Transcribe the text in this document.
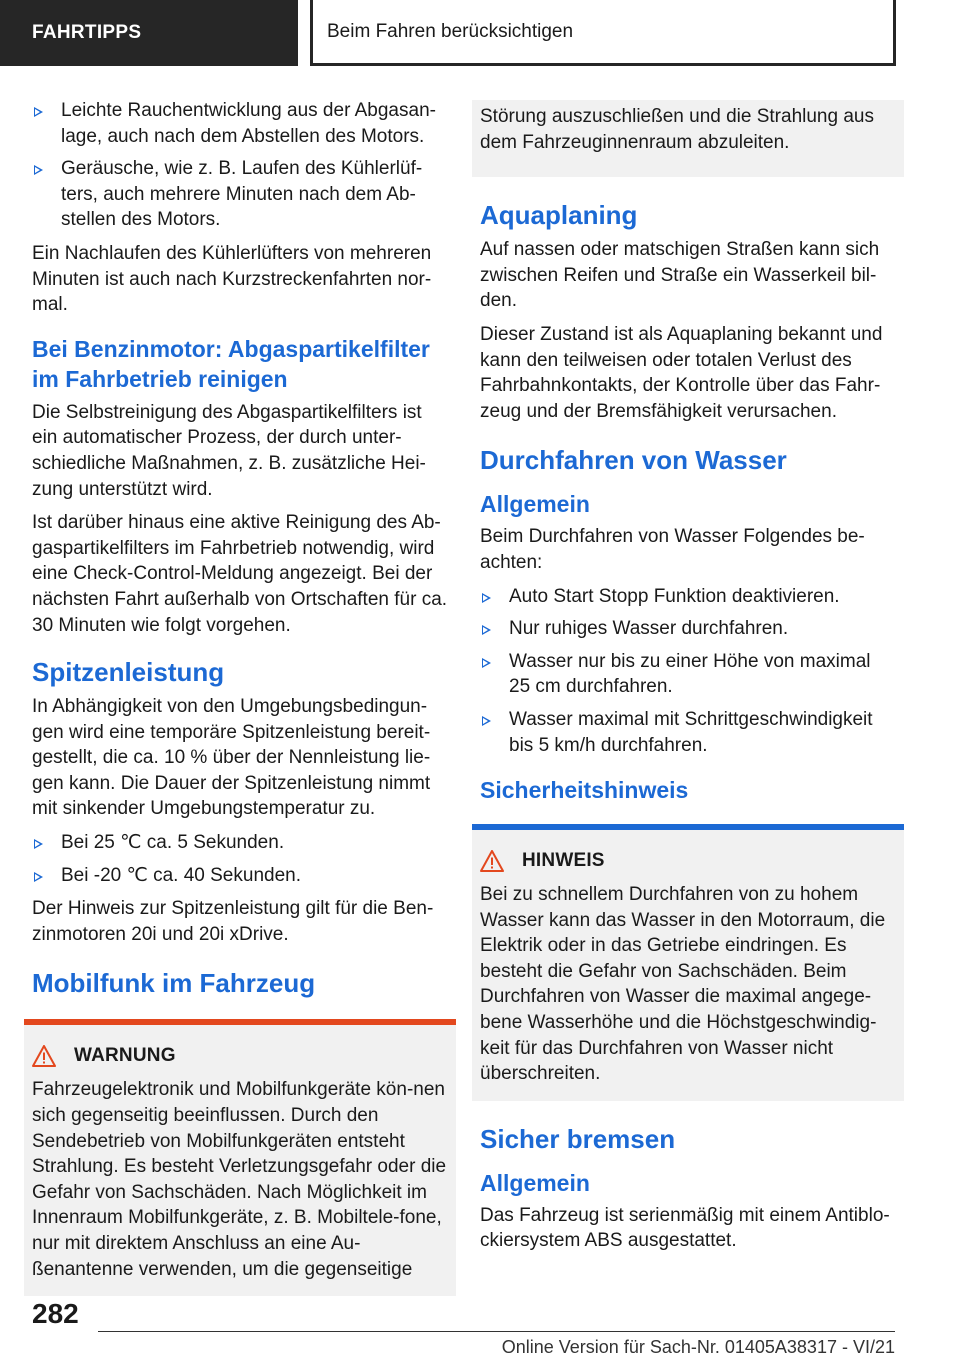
FAHRTIPPS	Beim Fahren berücksichtigen
Leichte Rauchentwicklung aus der Abgasan-lage, auch nach dem Abstellen des Motors.
Geräusche, wie z. B. Laufen des Kühlerlüf-ters, auch mehrere Minuten nach dem Ab-stellen des Motors.

Ein Nachlaufen des Kühlerlüfters von mehreren Minuten ist auch nach Kurzstreckenfahrten nor-mal.

Bei Benzinmotor: Abgaspartikelfilter im Fahrbetrieb reinigen

Die Selbstreinigung des Abgaspartikelfilters ist ein automatischer Prozess, der durch unter-schiedliche Maßnahmen, z. B. zusätzliche Hei-zung unterstützt wird.

Ist darüber hinaus eine aktive Reinigung des Ab-gaspartikelfilters im Fahrbetrieb notwendig, wird eine Check-Control-Meldung angezeigt. Bei der nächsten Fahrt außerhalb von Ortschaften für ca. 30 Minuten wie folgt vorgehen.

Spitzenleistung

In Abhängigkeit von den Umgebungsbedingun-gen wird eine temporäre Spitzenleistung bereit-gestellt, die ca. 10 % über der Nennleistung lie-gen kann. Die Dauer der Spitzenleistung nimmt mit sinkender Umgebungstemperatur zu.

Bei 25 ℃ ca. 5 Sekunden.
Bei -20 ℃ ca. 40 Sekunden.

Der Hinweis zur Spitzenleistung gilt für die Ben-zinmotoren 20i und 20i xDrive.

Mobilfunk im Fahrzeug
WARNUNG

Fahrzeugelektronik und Mobilfunkgeräte kön-nen sich gegenseitig beeinflussen. Durch den Sendebetrieb von Mobilfunkgeräten entsteht Strahlung. Es besteht Verletzungsgefahr oder die Gefahr von Sachschäden. Nach Möglichkeit im Innenraum Mobilfunkgeräte, z. B. Mobiltele-fone, nur mit direktem Anschluss an eine Au-ßenantenne verwenden, um die gegenseitige

Störung auszuschließen und die Strahlung aus dem Fahrzeuginnenraum abzuleiten.

Aquaplaning

Auf nassen oder matschigen Straßen kann sich zwischen Reifen und Straße ein Wasserkeil bil-den.

Dieser Zustand ist als Aquaplaning bekannt und kann den teilweisen oder totalen Verlust des Fahrbahnkontakts, der Kontrolle über das Fahr-zeug und der Bremsfähigkeit verursachen.

Durchfahren von Wasser
Allgemein

Beim Durchfahren von Wasser Folgendes be-achten:

Auto Start Stopp Funktion deaktivieren.
Nur ruhiges Wasser durchfahren.
Wasser nur bis zu einer Höhe von maximal 25 cm durchfahren.
Wasser maximal mit Schrittgeschwindigkeit bis 5 km/h durchfahren.
Sicherheitshinweis
HINWEIS

Bei zu schnellem Durchfahren von zu hohem Wasser kann das Wasser in den Motorraum, die Elektrik oder in das Getriebe eindringen. Es besteht die Gefahr von Sachschäden. Beim Durchfahren von Wasser die maximal angege-bene Wasserhöhe und die Höchstgeschwindig-keit für das Durchfahren von Wasser nicht überschreiten.

Sicher bremsen
Allgemein

Das Fahrzeug ist serienmäßig mit einem Antiblo-ckiersystem ABS ausgestattet.

282
Online Version für Sach-Nr. 01405A38317 - VI/21
